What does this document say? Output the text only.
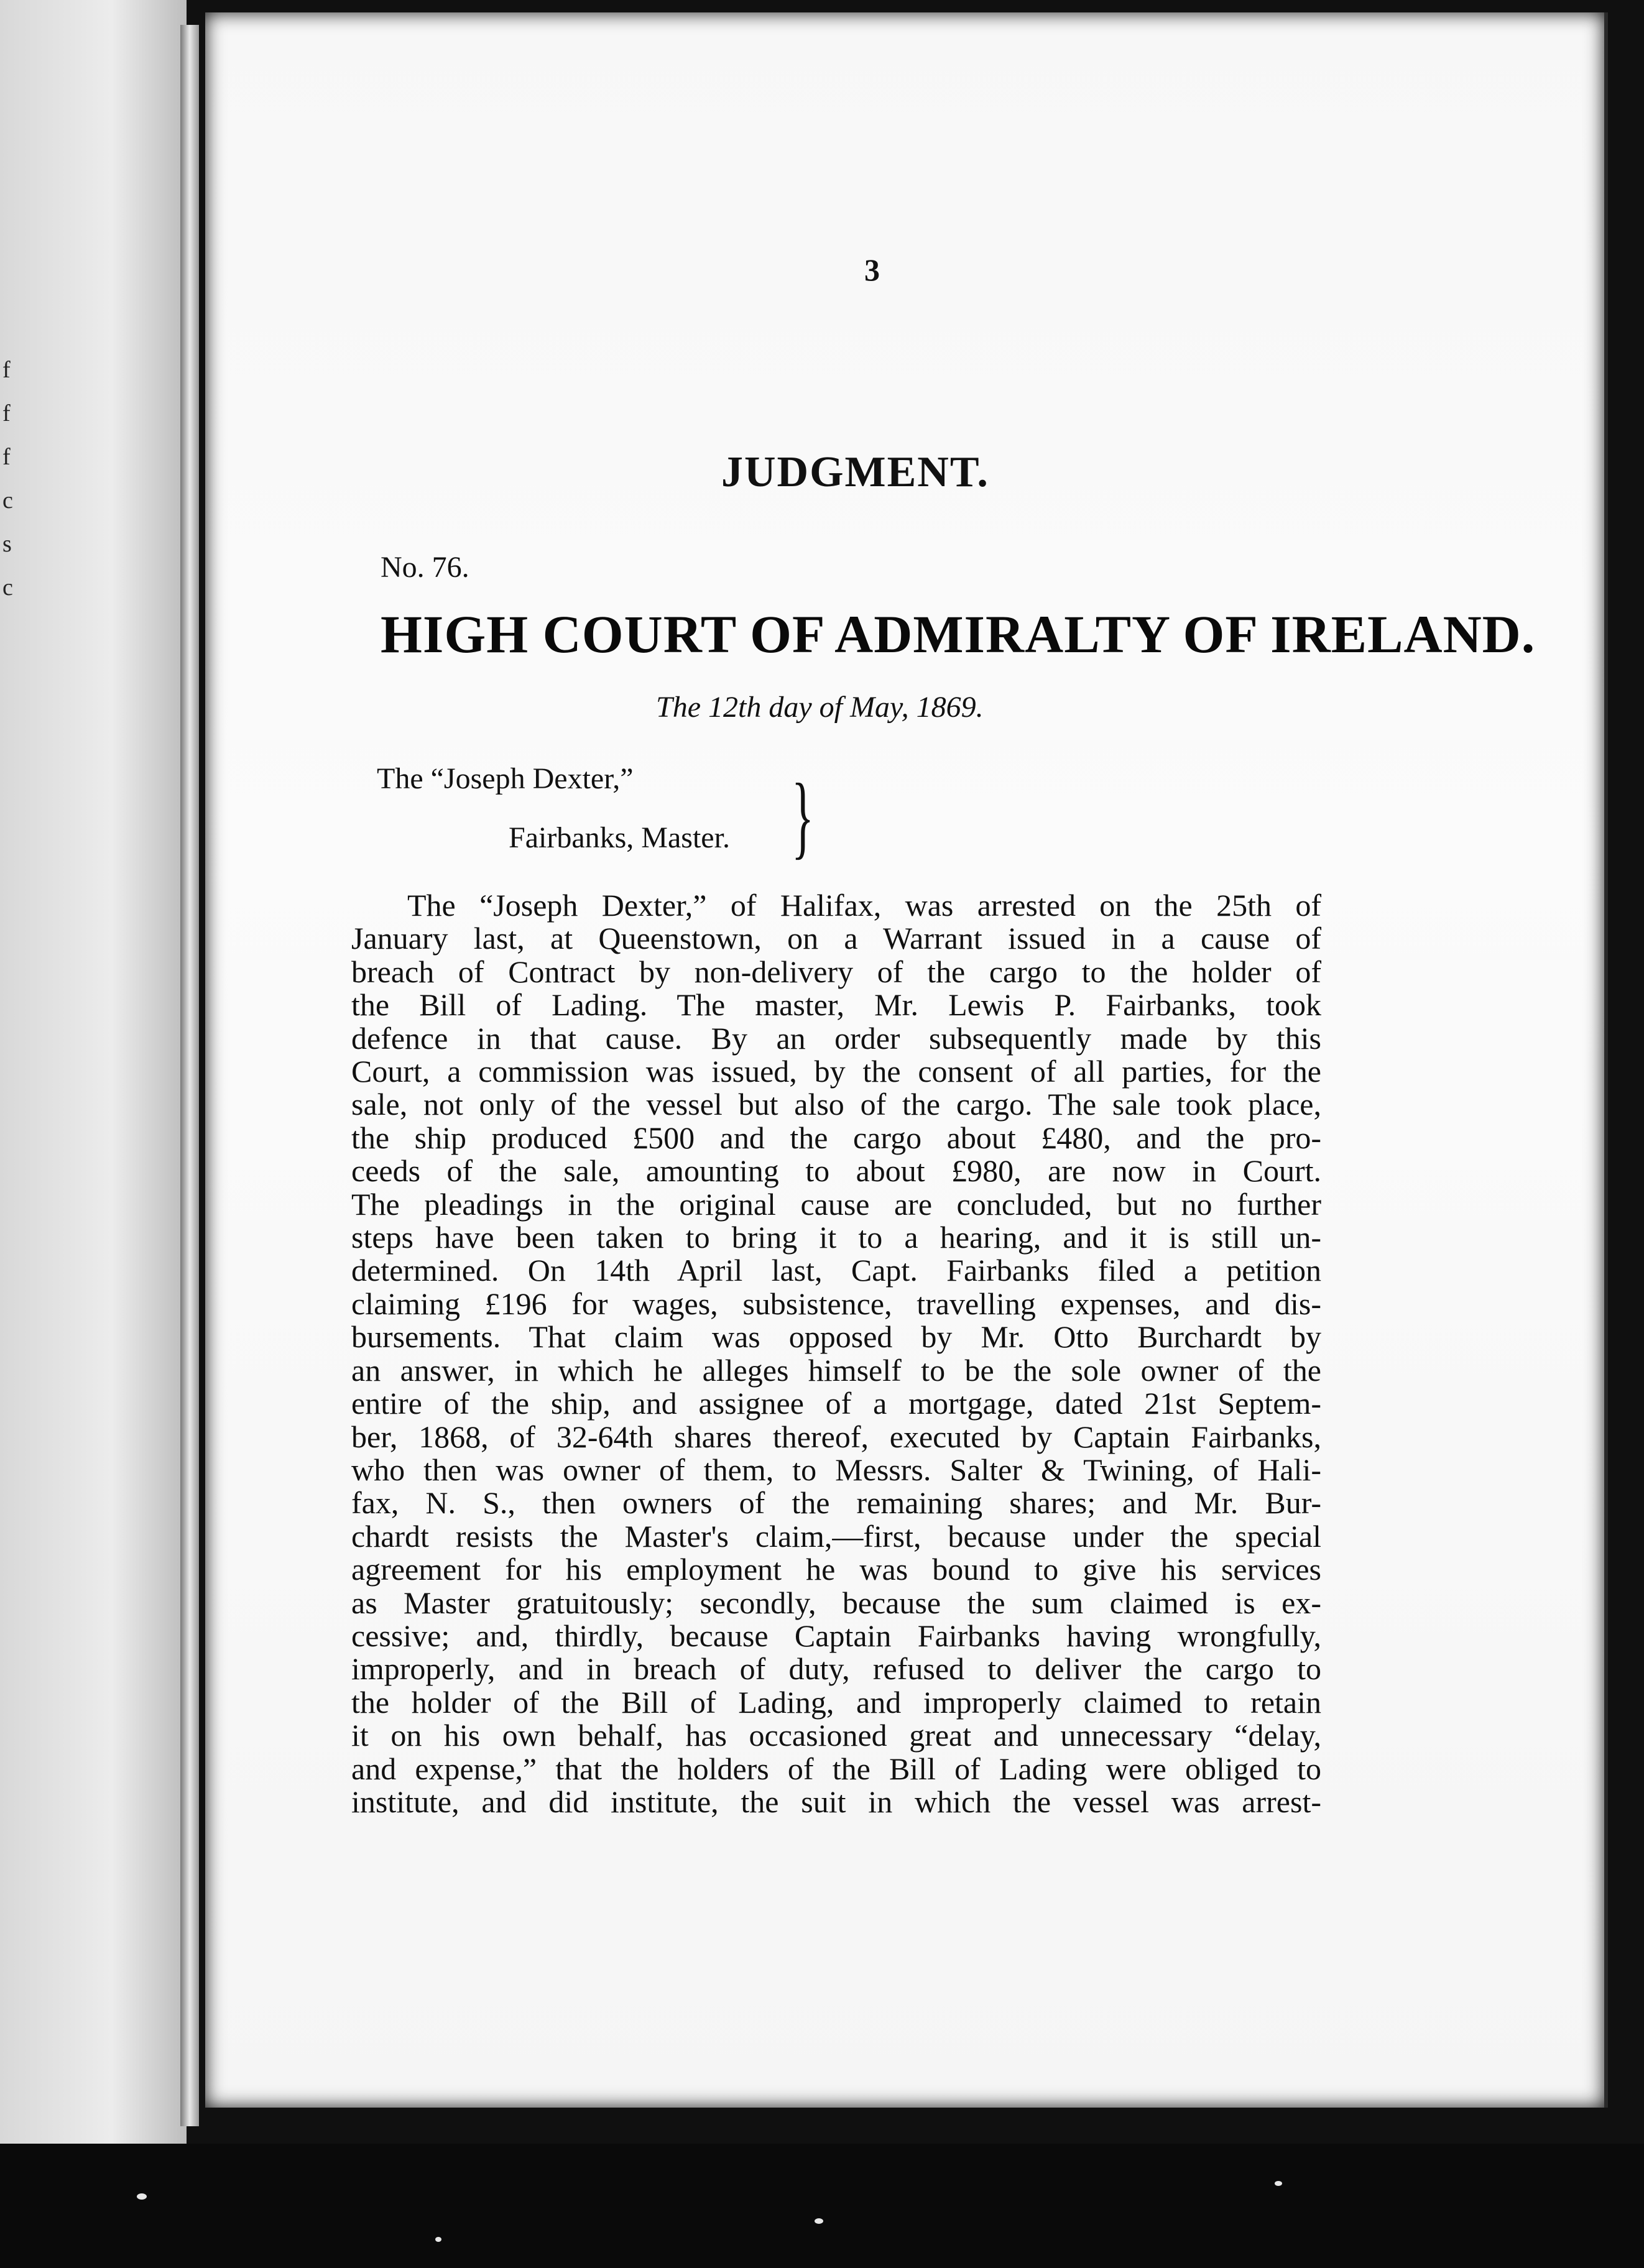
f
f
f
c
s
c
3
JUDGMENT.
No. 76.
HIGH COURT OF ADMIRALTY OF IRELAND.
The 12th day of May, 1869.
The “Joseph Dexter,”
Fairbanks, Master. }
The “Joseph Dexter,” of Halifax, was arrested on the 25th of
January last, at Queenstown, on a Warrant issued in a cause of
breach of Contract by non-delivery of the cargo to the holder of
the Bill of Lading. The master, Mr. Lewis P. Fairbanks, took
defence in that cause. By an order subsequently made by this
Court, a commission was issued, by the consent of all parties, for the
sale, not only of the vessel but also of the cargo. The sale took place,
the ship produced £500 and the cargo about £480, and the pro-
ceeds of the sale, amounting to about £980, are now in Court.
The pleadings in the original cause are concluded, but no further
steps have been taken to bring it to a hearing, and it is still un-
determined. On 14th April last, Capt. Fairbanks filed a petition
claiming £196 for wages, subsistence, travelling expenses, and dis-
bursements. That claim was opposed by Mr. Otto Burchardt by
an answer, in which he alleges himself to be the sole owner of the
entire of the ship, and assignee of a mortgage, dated 21st Septem-
ber, 1868, of 32-64th shares thereof, executed by Captain Fairbanks,
who then was owner of them, to Messrs. Salter & Twining, of Hali-
fax, N. S., then owners of the remaining shares; and Mr. Bur-
chardt resists the Master's claim,—first, because under the special
agreement for his employment he was bound to give his services
as Master gratuitously; secondly, because the sum claimed is ex-
cessive; and, thirdly, because Captain Fairbanks having wrongfully,
improperly, and in breach of duty, refused to deliver the cargo to
the holder of the Bill of Lading, and improperly claimed to retain
it on his own behalf, has occasioned great and unnecessary “delay,
and expense,” that the holders of the Bill of Lading were obliged to
institute, and did institute, the suit in which the vessel was arrest-
